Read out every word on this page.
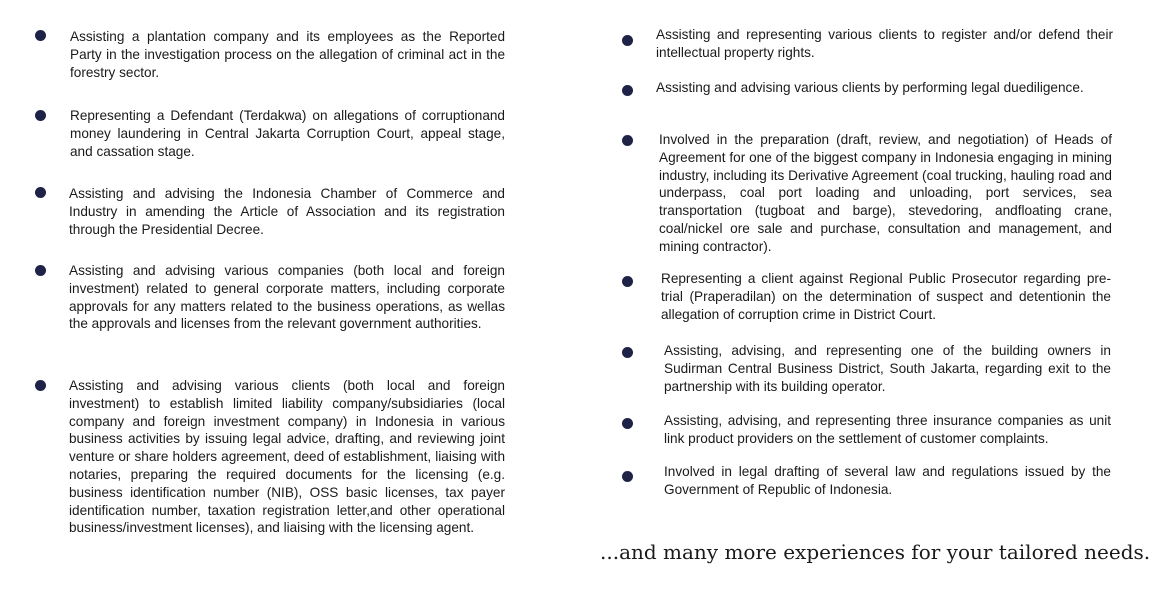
Assisting a plantation company and its employees as the Reported Party in the investigation process on the allegation of criminal act in the forestry sector.

Representing a Defendant (Terdakwa) on allegations of corruptionand money laundering in Central Jakarta Corruption Court, appeal stage, and cassation stage.

Assisting and advising the Indonesia Chamber of Commerce and Industry in amending the Article of Association and its registration through the Presidential Decree.

Assisting and advising various companies (both local and foreign investment) related to general corporate matters, including corporate approvals for any matters related to the business operations, as wellas the approvals and licenses from the relevant government authorities.

Assisting and advising various clients (both local and foreign investment) to establish limited liability company/subsidiaries (local company and foreign investment company) in Indonesia in various business activities by issuing legal advice, drafting, and reviewing joint venture or share holders agreement, deed of establishment, liaising with notaries, preparing the required documents for the licensing (e.g. business identification number (NIB), OSS basic licenses, tax payer identification number, taxation registration letter,and other operational business/investment licenses), and liaising with the licensing agent.

Assisting and representing various clients to register and/or defend their intellectual property rights.

Assisting and advising various clients by performing legal duediligence.

Involved in the preparation (draft, review, and negotiation) of Heads of Agreement for one of the biggest company in Indonesia engaging in mining industry, including its Derivative Agreement (coal trucking, hauling road and underpass, coal port loading and unloading, port services, sea transportation (tugboat and barge), stevedoring, andfloating crane, coal/nickel ore sale and purchase, consultation and management, and mining contractor).

Representing a client against Regional Public Prosecutor regarding pre-trial (Praperadilan) on the determination of suspect and detentionin the allegation of corruption crime in District Court.

Assisting, advising, and representing one of the building owners in Sudirman Central Business District, South Jakarta, regarding exit to the partnership with its building operator.

Assisting, advising, and representing three insurance companies as unit link product providers on the settlement of customer complaints.

Involved in legal drafting of several law and regulations issued by the Government of Republic of Indonesia.

...and many more experiences for your tailored needs.
